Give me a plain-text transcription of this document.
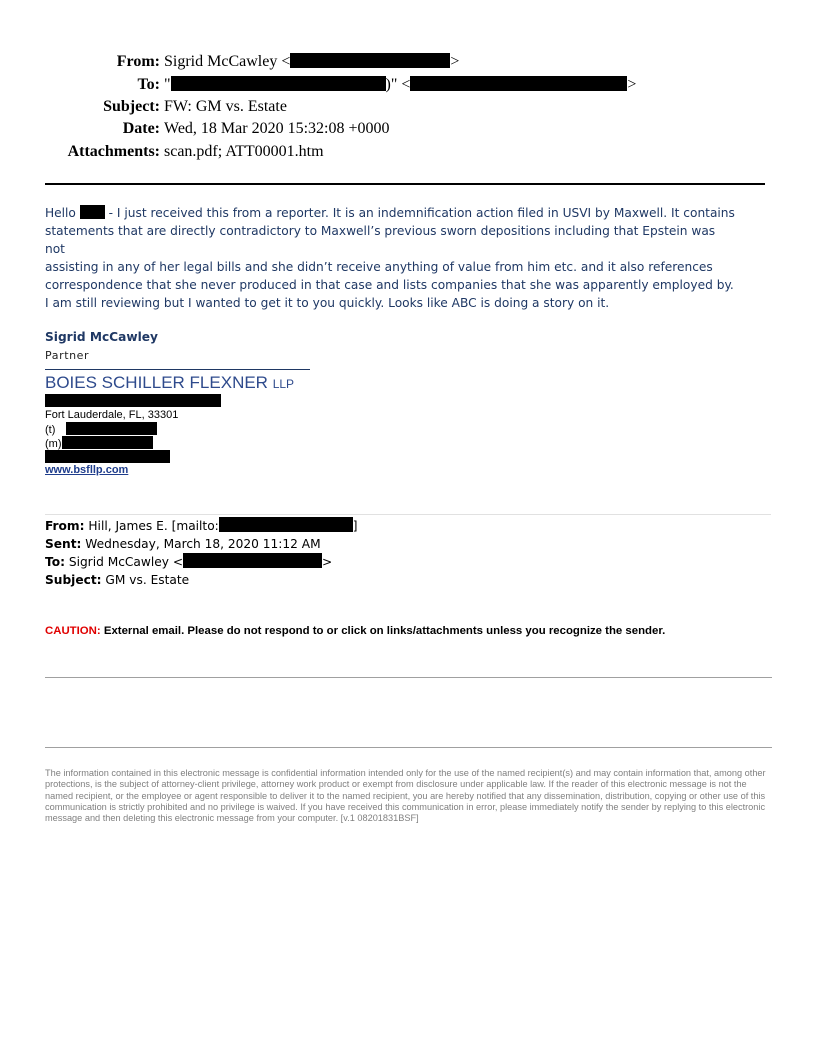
From: Sigrid McCawley <	>
To: "	)" <	>
Subject: FW: GM vs. Estate
Date: Wed, 18 Mar 2020 15:32:08 +0000
Attachments: scan.pdf; ATT00001.htm
Hello  - I just received this from a reporter. It is an indemnification action filed in USVI by Maxwell. It contains
statements that are directly contradictory to Maxwell’s previous sworn depositions including that Epstein was not
assisting in any of her legal bills and she didn’t receive anything of value from him etc. and it also references
correspondence that she never produced in that case and lists companies that she was apparently employed by.
I am still reviewing but I wanted to get it to you quickly. Looks like ABC is doing a story on it.
Sigrid McCawley
Partner
BOIES SCHILLER FLEXNER LLP
Fort Lauderdale, FL, 33301
(t)
(m)
www.bsfllp.com
From: Hill, James E. [mailto:	]
Sent: Wednesday, March 18, 2020 11:12 AM
To: Sigrid McCawley <	>
Subject: GM vs. Estate
CAUTION: External email. Please do not respond to or click on links/attachments unless you recognize the sender.
The information contained in this electronic message is confidential information intended only for the use of the named recipient(s) and may contain information that, among other protections, is the subject of attorney-client privilege, attorney work product or exempt from disclosure under applicable law. If the reader of this electronic message is not the named recipient, or the employee or agent responsible to deliver it to the named recipient, you are hereby notified that any dissemination, distribution, copying or other use of this communication is strictly prohibited and no privilege is waived. If you have received this communication in error, please immediately notify the sender by replying to this electronic message and then deleting this electronic message from your computer. [v.1 08201831BSF]
